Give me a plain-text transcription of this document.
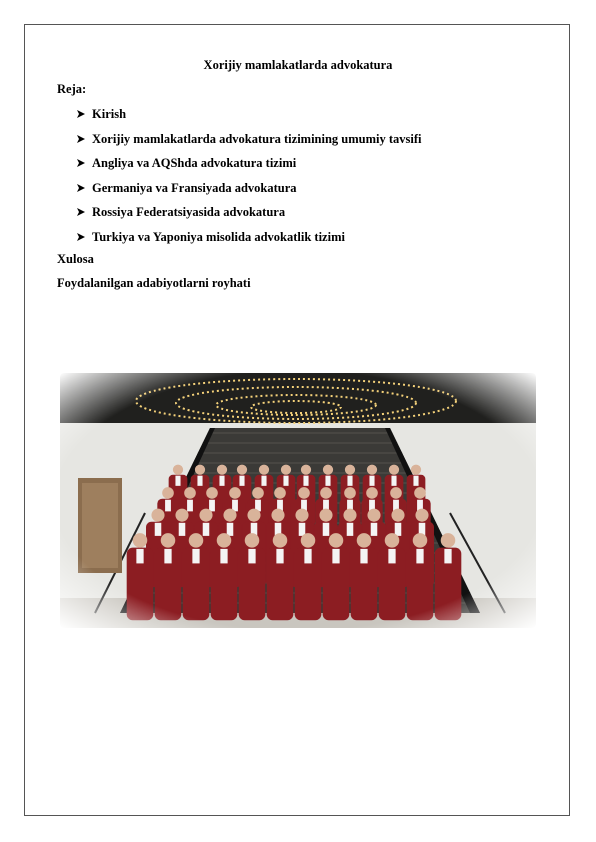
Xorijiy mamlakatlarda advokatura
Reja:
Kirish
Xorijiy mamlakatlarda advokatura tizimining umumiy tavsifi
Angliya va AQShda advokatura tizimi
Germaniya va Fransiyada advokatura
Rossiya Federatsiyasida advokatura
Turkiya va Yaponiya misolida advokatlik tizimi
Xulosa
Foydalanilgan adabiyotlarni royhati
